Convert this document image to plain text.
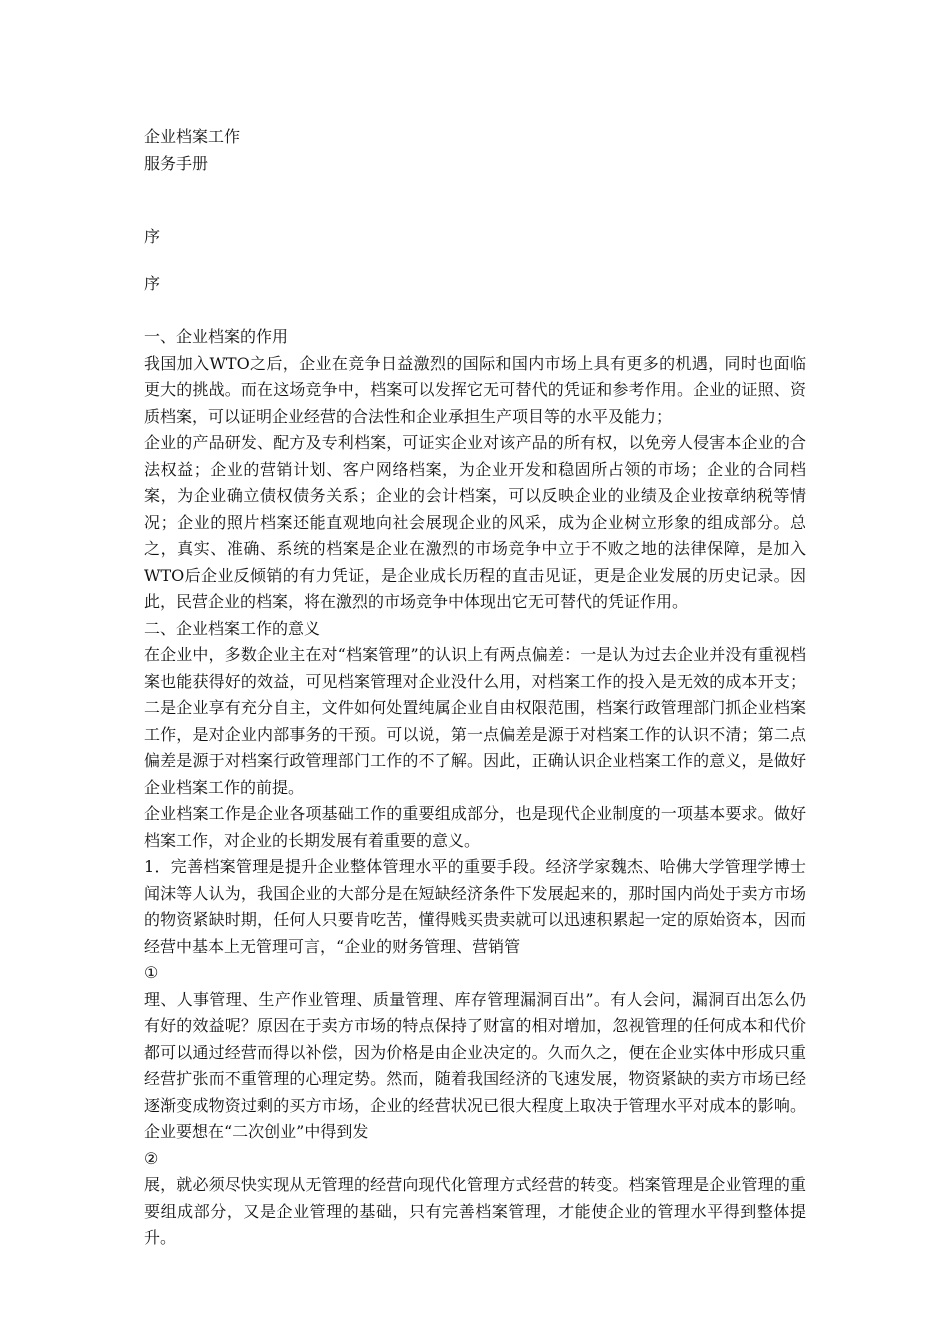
企业档案工作
服务手册
序
序

一、企业档案的作用

我国加入WTO之后，企业在竞争日益激烈的国际和国内市场上具有更多的机遇，同时也面临更大的挑战。而在这场竞争中，档案可以发挥它无可替代的凭证和参考作用。企业的证照、资质档案，可以证明企业经营的合法性和企业承担生产项目等的水平及能力；

企业的产品研发、配方及专利档案，可证实企业对该产品的所有权，以免旁人侵害本企业的合法权益；企业的营销计划、客户网络档案，为企业开发和稳固所占领的市场；企业的合同档案，为企业确立债权债务关系；企业的会计档案，可以反映企业的业绩及企业按章纳税等情况；企业的照片档案还能直观地向社会展现企业的风采，成为企业树立形象的组成部分。总之，真实、准确、系统的档案是企业在激烈的市场竞争中立于不败之地的法律保障，是加入WTO后企业反倾销的有力凭证，是企业成长历程的直击见证，更是企业发展的历史记录。因此，民营企业的档案，将在激烈的市场竞争中体现出它无可替代的凭证作用。

二、企业档案工作的意义

在企业中，多数企业主在对“档案管理”的认识上有两点偏差：一是认为过去企业并没有重视档案也能获得好的效益，可见档案管理对企业没什么用，对档案工作的投入是无效的成本开支；二是企业享有充分自主，文件如何处置纯属企业自由权限范围，档案行政管理部门抓企业档案工作，是对企业内部事务的干预。可以说，第一点偏差是源于对档案工作的认识不清；第二点偏差是源于对档案行政管理部门工作的不了解。因此，正确认识企业档案工作的意义，是做好企业档案工作的前提。

企业档案工作是企业各项基础工作的重要组成部分，也是现代企业制度的一项基本要求。做好档案工作，对企业的长期发展有着重要的意义。

1．完善档案管理是提升企业整体管理水平的重要手段。经济学家魏杰、哈佛大学管理学博士闻沫等人认为，我国企业的大部分是在短缺经济条件下发展起来的，那时国内尚处于卖方市场的物资紧缺时期，任何人只要肯吃苦，懂得贱买贵卖就可以迅速积累起一定的原始资本，因而经营中基本上无管理可言，“企业的财务管理、营销管

①

理、人事管理、生产作业管理、质量管理、库存管理漏洞百出”。有人会问，漏洞百出怎么仍有好的效益呢？原因在于卖方市场的特点保持了财富的相对增加，忽视管理的任何成本和代价都可以通过经营而得以补偿，因为价格是由企业决定的。久而久之，便在企业实体中形成只重经营扩张而不重管理的心理定势。然而，随着我国经济的飞速发展，物资紧缺的卖方市场已经逐渐变成物资过剩的买方市场，企业的经营状况已很大程度上取决于管理水平对成本的影响。企业要想在“二次创业”中得到发

②

展，就必须尽快实现从无管理的经营向现代化管理方式经营的转变。档案管理是企业管理的重要组成部分，又是企业管理的基础，只有完善档案管理，才能使企业的管理水平得到整体提升。
